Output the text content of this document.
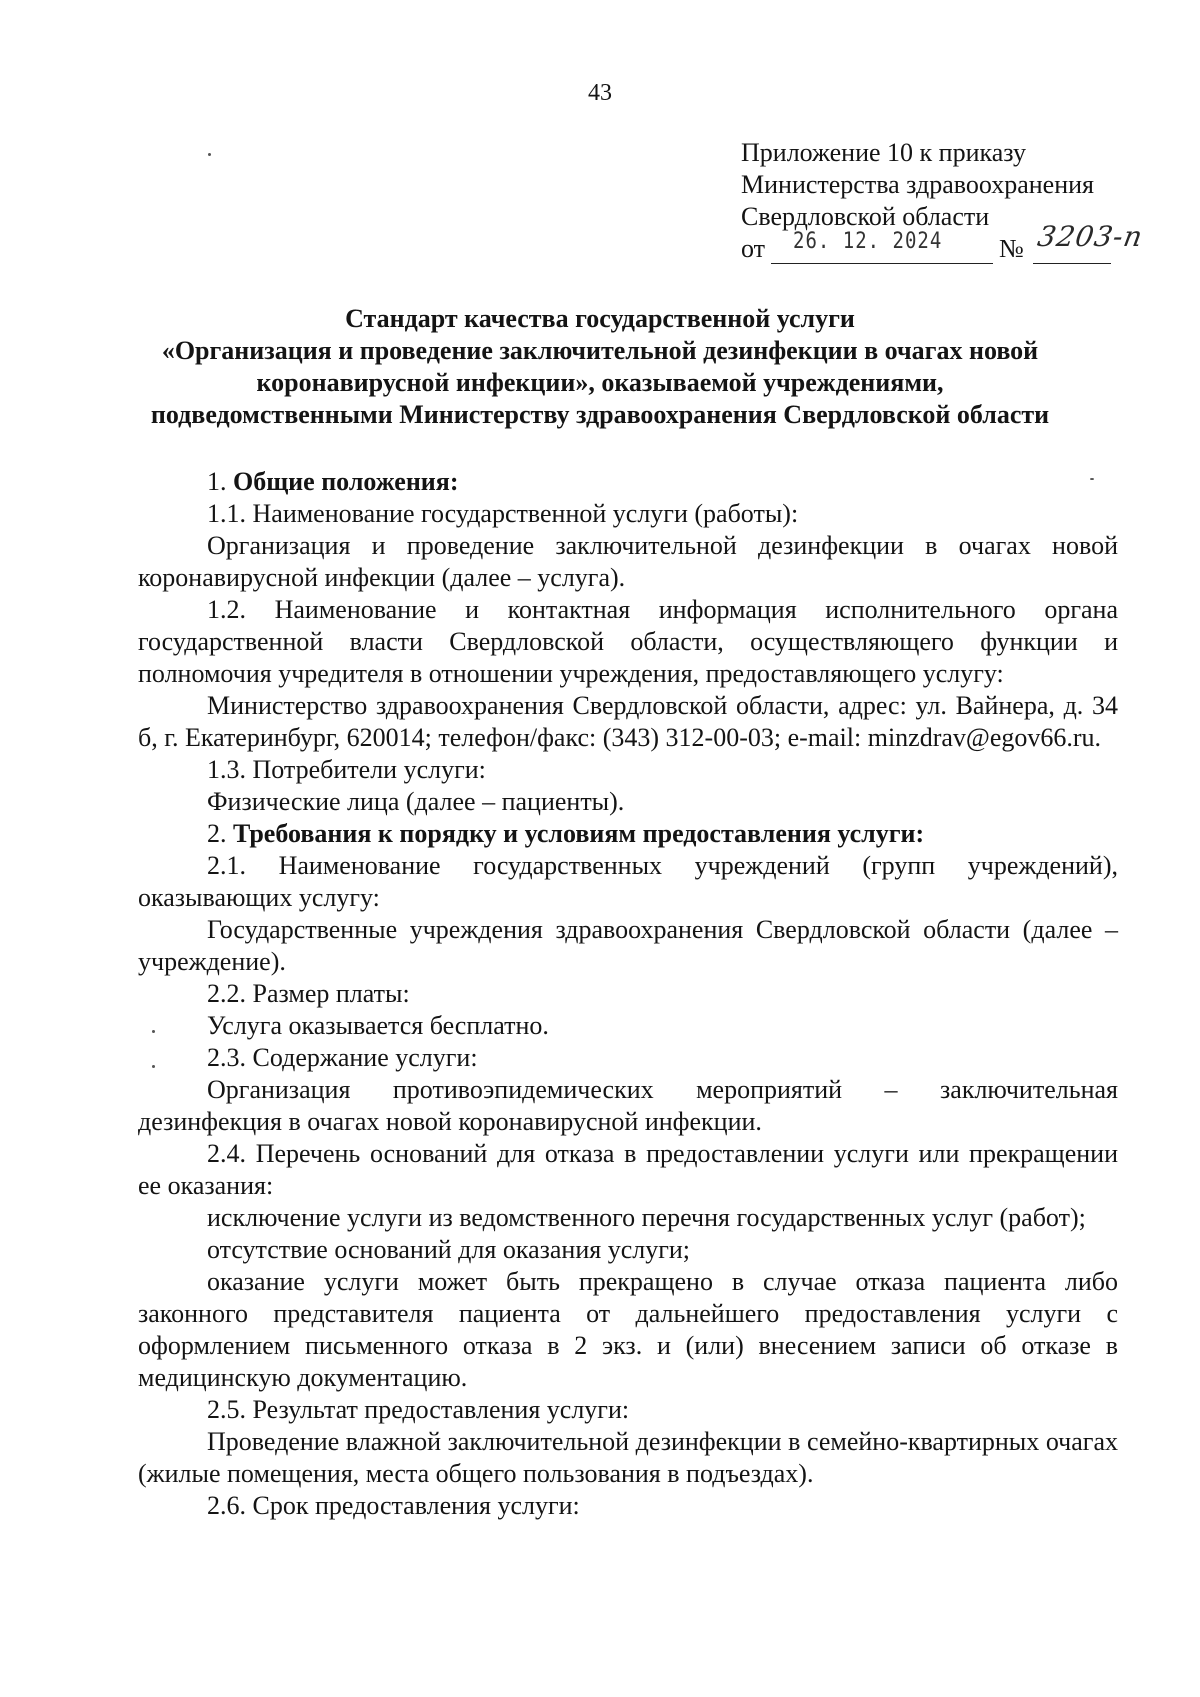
43
Приложение 10 к приказу
Министерства здравоохранения
Свердловской области
от 26. 12. 2024 № 3203-п
Стандарт качества государственной услуги
«Организация и проведение заключительной дезинфекции в очагах новой
коронавирусной инфекции», оказываемой учреждениями,
подведомственными Министерству здравоохранения Свердловской области

1. Общие положения:

1.1. Наименование государственной услуги (работы):

Организация и проведение заключительной дезинфекции в очагах новой коронавирусной инфекции (далее – услуга).

1.2. Наименование и контактная информация исполнительного органа государственной власти Свердловской области, осуществляющего функции и полномочия учредителя в отношении учреждения, предоставляющего услугу:

Министерство здравоохранения Свердловской области, адрес: ул. Вайнера, д. 34 б, г. Екатеринбург, 620014; телефон/факс: (343) 312-00-03; e-mail: minzdrav@egov66.ru.

1.3. Потребители услуги:

Физические лица (далее – пациенты).

2. Требования к порядку и условиям предоставления услуги:

2.1. Наименование государственных учреждений (групп учреждений), оказывающих услугу:

Государственные учреждения здравоохранения Свердловской области (далее – учреждение).

2.2. Размер платы:

Услуга оказывается бесплатно.

2.3. Содержание услуги:

Организация противоэпидемических мероприятий – заключительная дезинфекция в очагах новой коронавирусной инфекции.

2.4. Перечень оснований для отказа в предоставлении услуги или прекращении ее оказания:

исключение услуги из ведомственного перечня государственных услуг (работ);

отсутствие оснований для оказания услуги;

оказание услуги может быть прекращено в случае отказа пациента либо законного представителя пациента от дальнейшего предоставления услуги с оформлением письменного отказа в 2 экз. и (или) внесением записи об отказе в медицинскую документацию.

2.5. Результат предоставления услуги:

Проведение влажной заключительной дезинфекции в семейно-квартирных очагах (жилые помещения, места общего пользования в подъездах).

2.6. Срок предоставления услуги:
